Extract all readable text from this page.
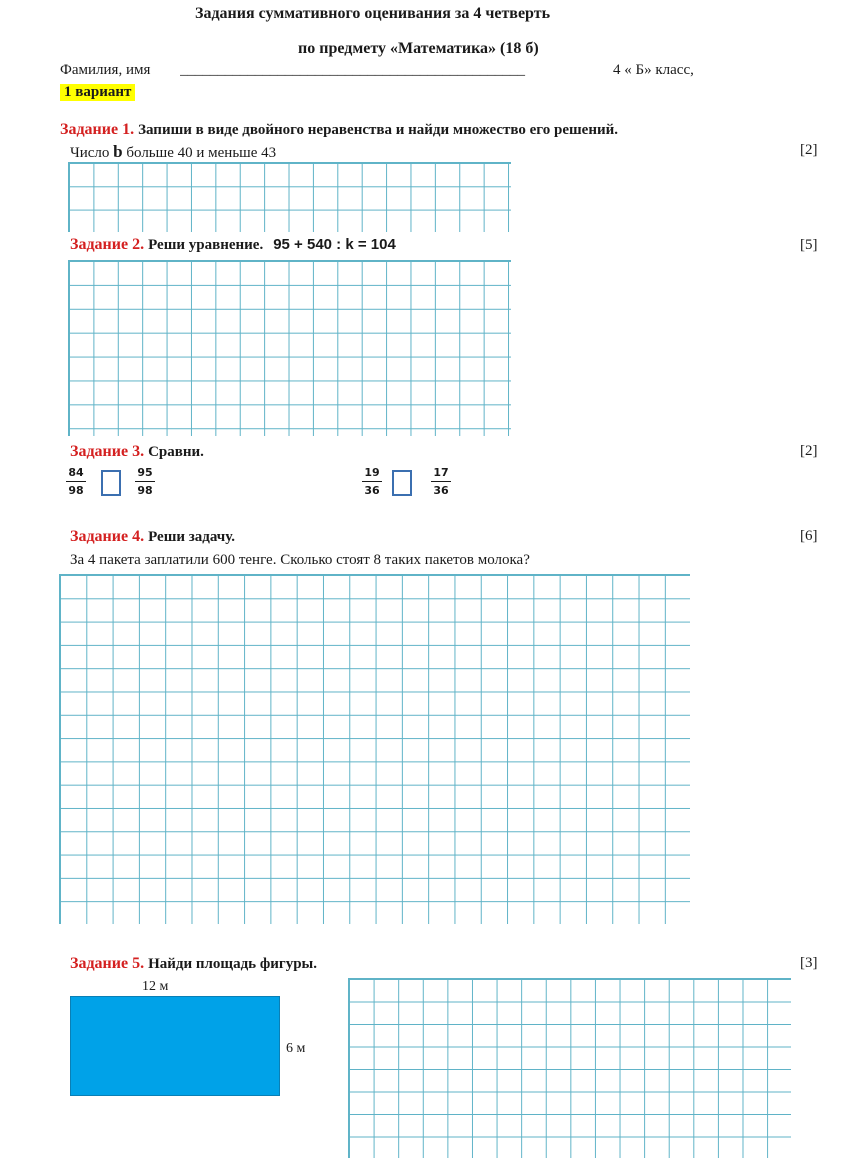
Задания суммативного оценивания за 4 четверть
по предмету «Математика» (18 б)
Фамилия, имя ______________________________________________	4 « Б» класс,
1 вариант
Задание 1. Запиши в виде двойного неравенства и найди множество его решений.
Число b больше 40 и меньше 43	[2]
Задание 2. Реши уравнение. 95 + 540 : k = 104	[5]
Задание 3. Сравни.	[2]
$\frac{84}{98}$	$\frac{95}{98}$	$\frac{19}{36}$	$\frac{17}{36}$
Задание 4. Реши задачу.	[6]
За 4 пакета заплатили 600 тенге. Сколько стоят 8 таких пакетов молока?
Задание 5. Найди площадь фигуры.	[3]
12 м
6 м
